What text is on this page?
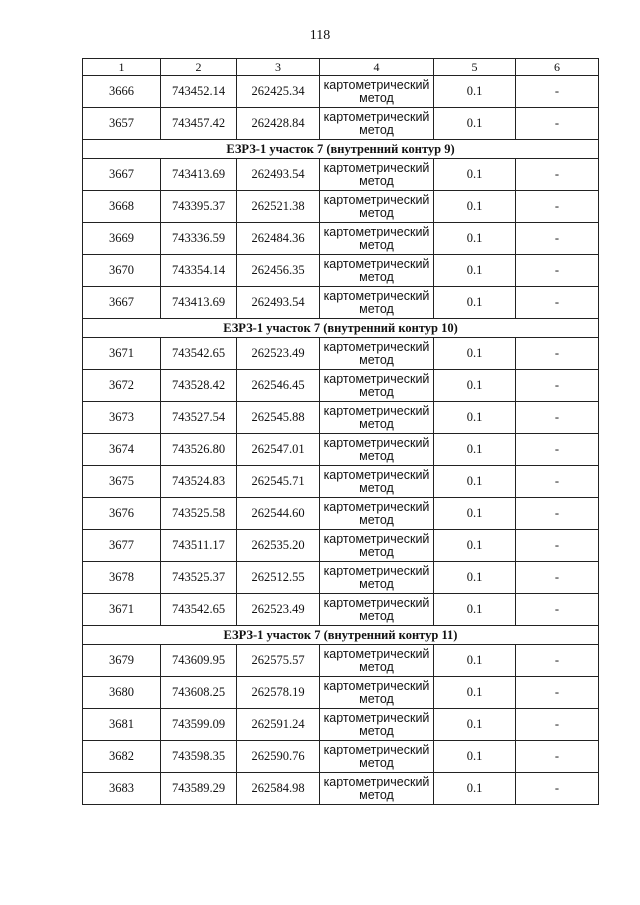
118
1	2	3	4	5	6
3666	743452.14	262425.34	картометрический метод	0.1	-
3657	743457.42	262428.84	картометрический метод	0.1	-
ЕЗРЗ-1 участок 7 (внутренний контур 9)					
3667	743413.69	262493.54	картометрический метод	0.1	-
3668	743395.37	262521.38	картометрический метод	0.1	-
3669	743336.59	262484.36	картометрический метод	0.1	-
3670	743354.14	262456.35	картометрический метод	0.1	-
3667	743413.69	262493.54	картометрический метод	0.1	-
ЕЗРЗ-1 участок 7 (внутренний контур 10)					
3671	743542.65	262523.49	картометрический метод	0.1	-
3672	743528.42	262546.45	картометрический метод	0.1	-
3673	743527.54	262545.88	картометрический метод	0.1	-
3674	743526.80	262547.01	картометрический метод	0.1	-
3675	743524.83	262545.71	картометрический метод	0.1	-
3676	743525.58	262544.60	картометрический метод	0.1	-
3677	743511.17	262535.20	картометрический метод	0.1	-
3678	743525.37	262512.55	картометрический метод	0.1	-
3671	743542.65	262523.49	картометрический метод	0.1	-
ЕЗРЗ-1 участок 7 (внутренний контур 11)					
3679	743609.95	262575.57	картометрический метод	0.1	-
3680	743608.25	262578.19	картометрический метод	0.1	-
3681	743599.09	262591.24	картометрический метод	0.1	-
3682	743598.35	262590.76	картометрический метод	0.1	-
3683	743589.29	262584.98	картометрический метод	0.1	-
